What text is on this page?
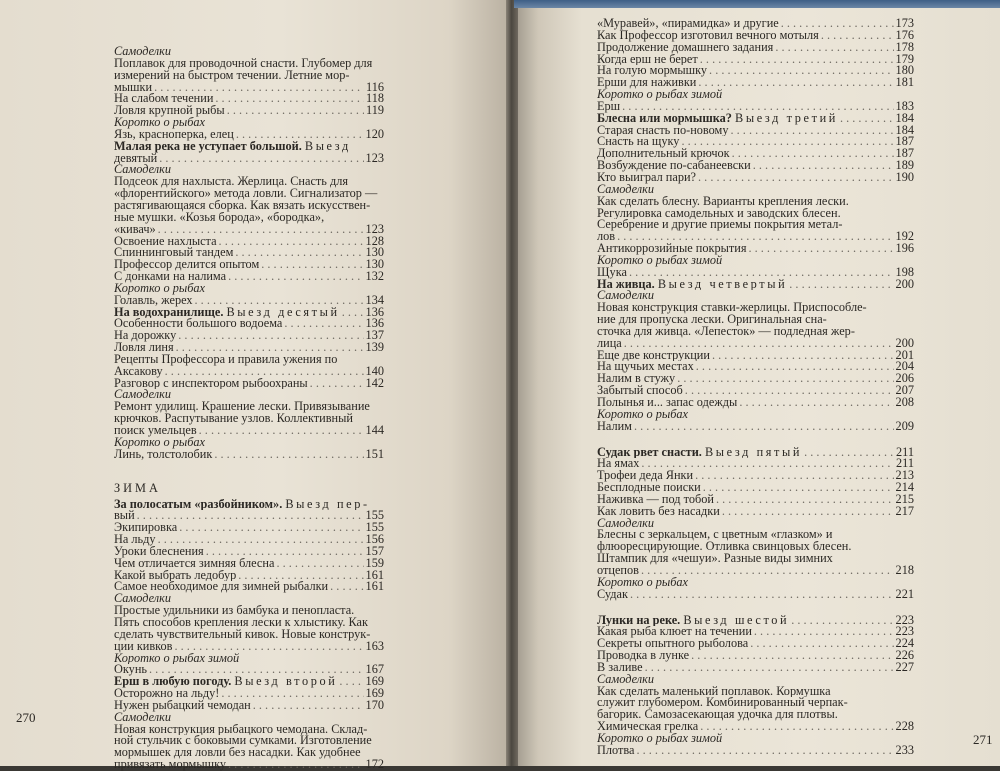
Самоделки
Поплавок для проводочной снасти. Глубомер для
измерений на быстром течении. Летние мор-
мышки . . .	116
На слабом течении . . .	118
Ловля крупной рыбы . . .	119
Коротко о рыбах
Язь, красноперка, елец . . .	120
Малая река не уступает большой. Выезд
девятый . . .	123
Самоделки
Подсеок для нахлыста. Жерлица. Снасть для
«флорентийского» метода ловли. Сигнализатор —
растягивающаяся сборка. Как вязать искусствен-
ные мушки. «Козья борода», «бородка»,
«кивач» . . .	123
Освоение нахлыста . . .	128
Спиннинговый тандем . . .	130
Профессор делится опытом . . .	130
С донками на налима . . .	132
Коротко о рыбах
Голавль, жерех . . .	134
На водохранилище. Выезд десятый . . . 136
Особенности большого водоема . . .	136
На дорожку . . .	137
Ловля линя . . .	139
Рецепты Профессора и правила ужения по
Аксакову . . .	140
Разговор с инспектором рыбоохраны . . .	142
Самоделки
Ремонт удилищ. Крашение лески. Привязывание
крючков. Распутывание узлов. Коллективный
поиск умельцев . . .	144
Коротко о рыбах
Линь, толстолобик . . .	151
ЗИМА
За полосатым «разбойником». Выезд пер-
вый . . .	155
Экипировка . . .	155
На льду . . .	156
Уроки блеснения . . .	157
Чем отличается зимняя блесна . . .	159
Какой выбрать ледобур . . .	161
Самое необходимое для зимней рыбалки . . .	161
Самоделки
Простые удильники из бамбука и пенопласта.
Пять способов крепления лески к хлыстику. Как
сделать чувствительный кивок. Новые конструк-
ции кивков . . .	163
Коротко о рыбах зимой
Окунь . . .	167
Ерш в любую погоду. Выезд второй . . . 169
Осторожно на льду! . . .	169
Нужен рыбацкий чемодан . . .	170
Самоделки
Новая конструкция рыбацкого чемодана. Склад-
ной стульчик с боковыми сумками. Изготовление
мормышек для ловли без насадки. Как удобнее
привязать мормышку . . .	172
«Муравей», «пирамидка» и другие . . .	173
Как Профессор изготовил вечного мотыля . . .	176
Продолжение домашнего задания . . .	178
Когда ерш не берет . . .	179
На голую мормышку . . .	180
Ерши для наживки . . .	181
Коротко о рыбах зимой
Ерш . . .	183
Блесна или мормышка? Выезд третий . . .	184
Старая снасть по-новому . . .	184
Снасть на щуку . . .	187
Дополнительный крючок . . .	187
Возбуждение по-сабанеевски . . .	189
Кто выиграл пари? . . .	190
Самоделки
Как сделать блесну. Варианты крепления лески.
Регулировка самодельных и заводских блесен.
Серебрение и другие приемы покрытия метал-
лов . . .	192
Антикоррозийные покрытия . . .	196
Коротко о рыбах зимой
Щука . . .	198
На живца. Выезд четвертый . . .	200
Самоделки
Новая конструкция ставки-жерлицы. Приспособле-
ние для пропуска лески. Оригинальная сна-
сточка для живца. «Лепесток» — подледная жер-
лица . . .	200
Еще две конструкции . . .	201
На щучьих местах . . .	204
Налим в стужу . . .	206
Забытый способ . . .	207
Полынья и... запас одежды . . .	208
Коротко о рыбах
Налим . . .	209
Судак рвет снасти. Выезд пятый . . .	211
На ямах . . .	211
Трофеи деда Янки . . .	213
Бесплодные поиски . . .	214
Наживка — под тобой . . .	215
Как ловить без насадки . . .	217
Самоделки
Блесны с зеркальцем, с цветным «глазком» и
флюоресцирующие. Отливка свинцовых блесен.
Штампик для «чешуи». Разные виды зимних
отцепов . . .	218
Коротко о рыбах
Судак . . .	221
Лунки на реке. Выезд шестой . . .	223
Какая рыба клюет на течении . . .	223
Секреты опытного рыболова . . .	224
Проводка в лунке . . .	226
В заливе . . .	227
Самоделки
Как сделать маленький поплавок. Кормушка
служит глубомером. Комбинированный черпак-
багорик. Самозасекающая удочка для плотвы.
Химическая грелка . . .	228
Коротко о рыбах зимой
Плотва . . .	233
270
271
